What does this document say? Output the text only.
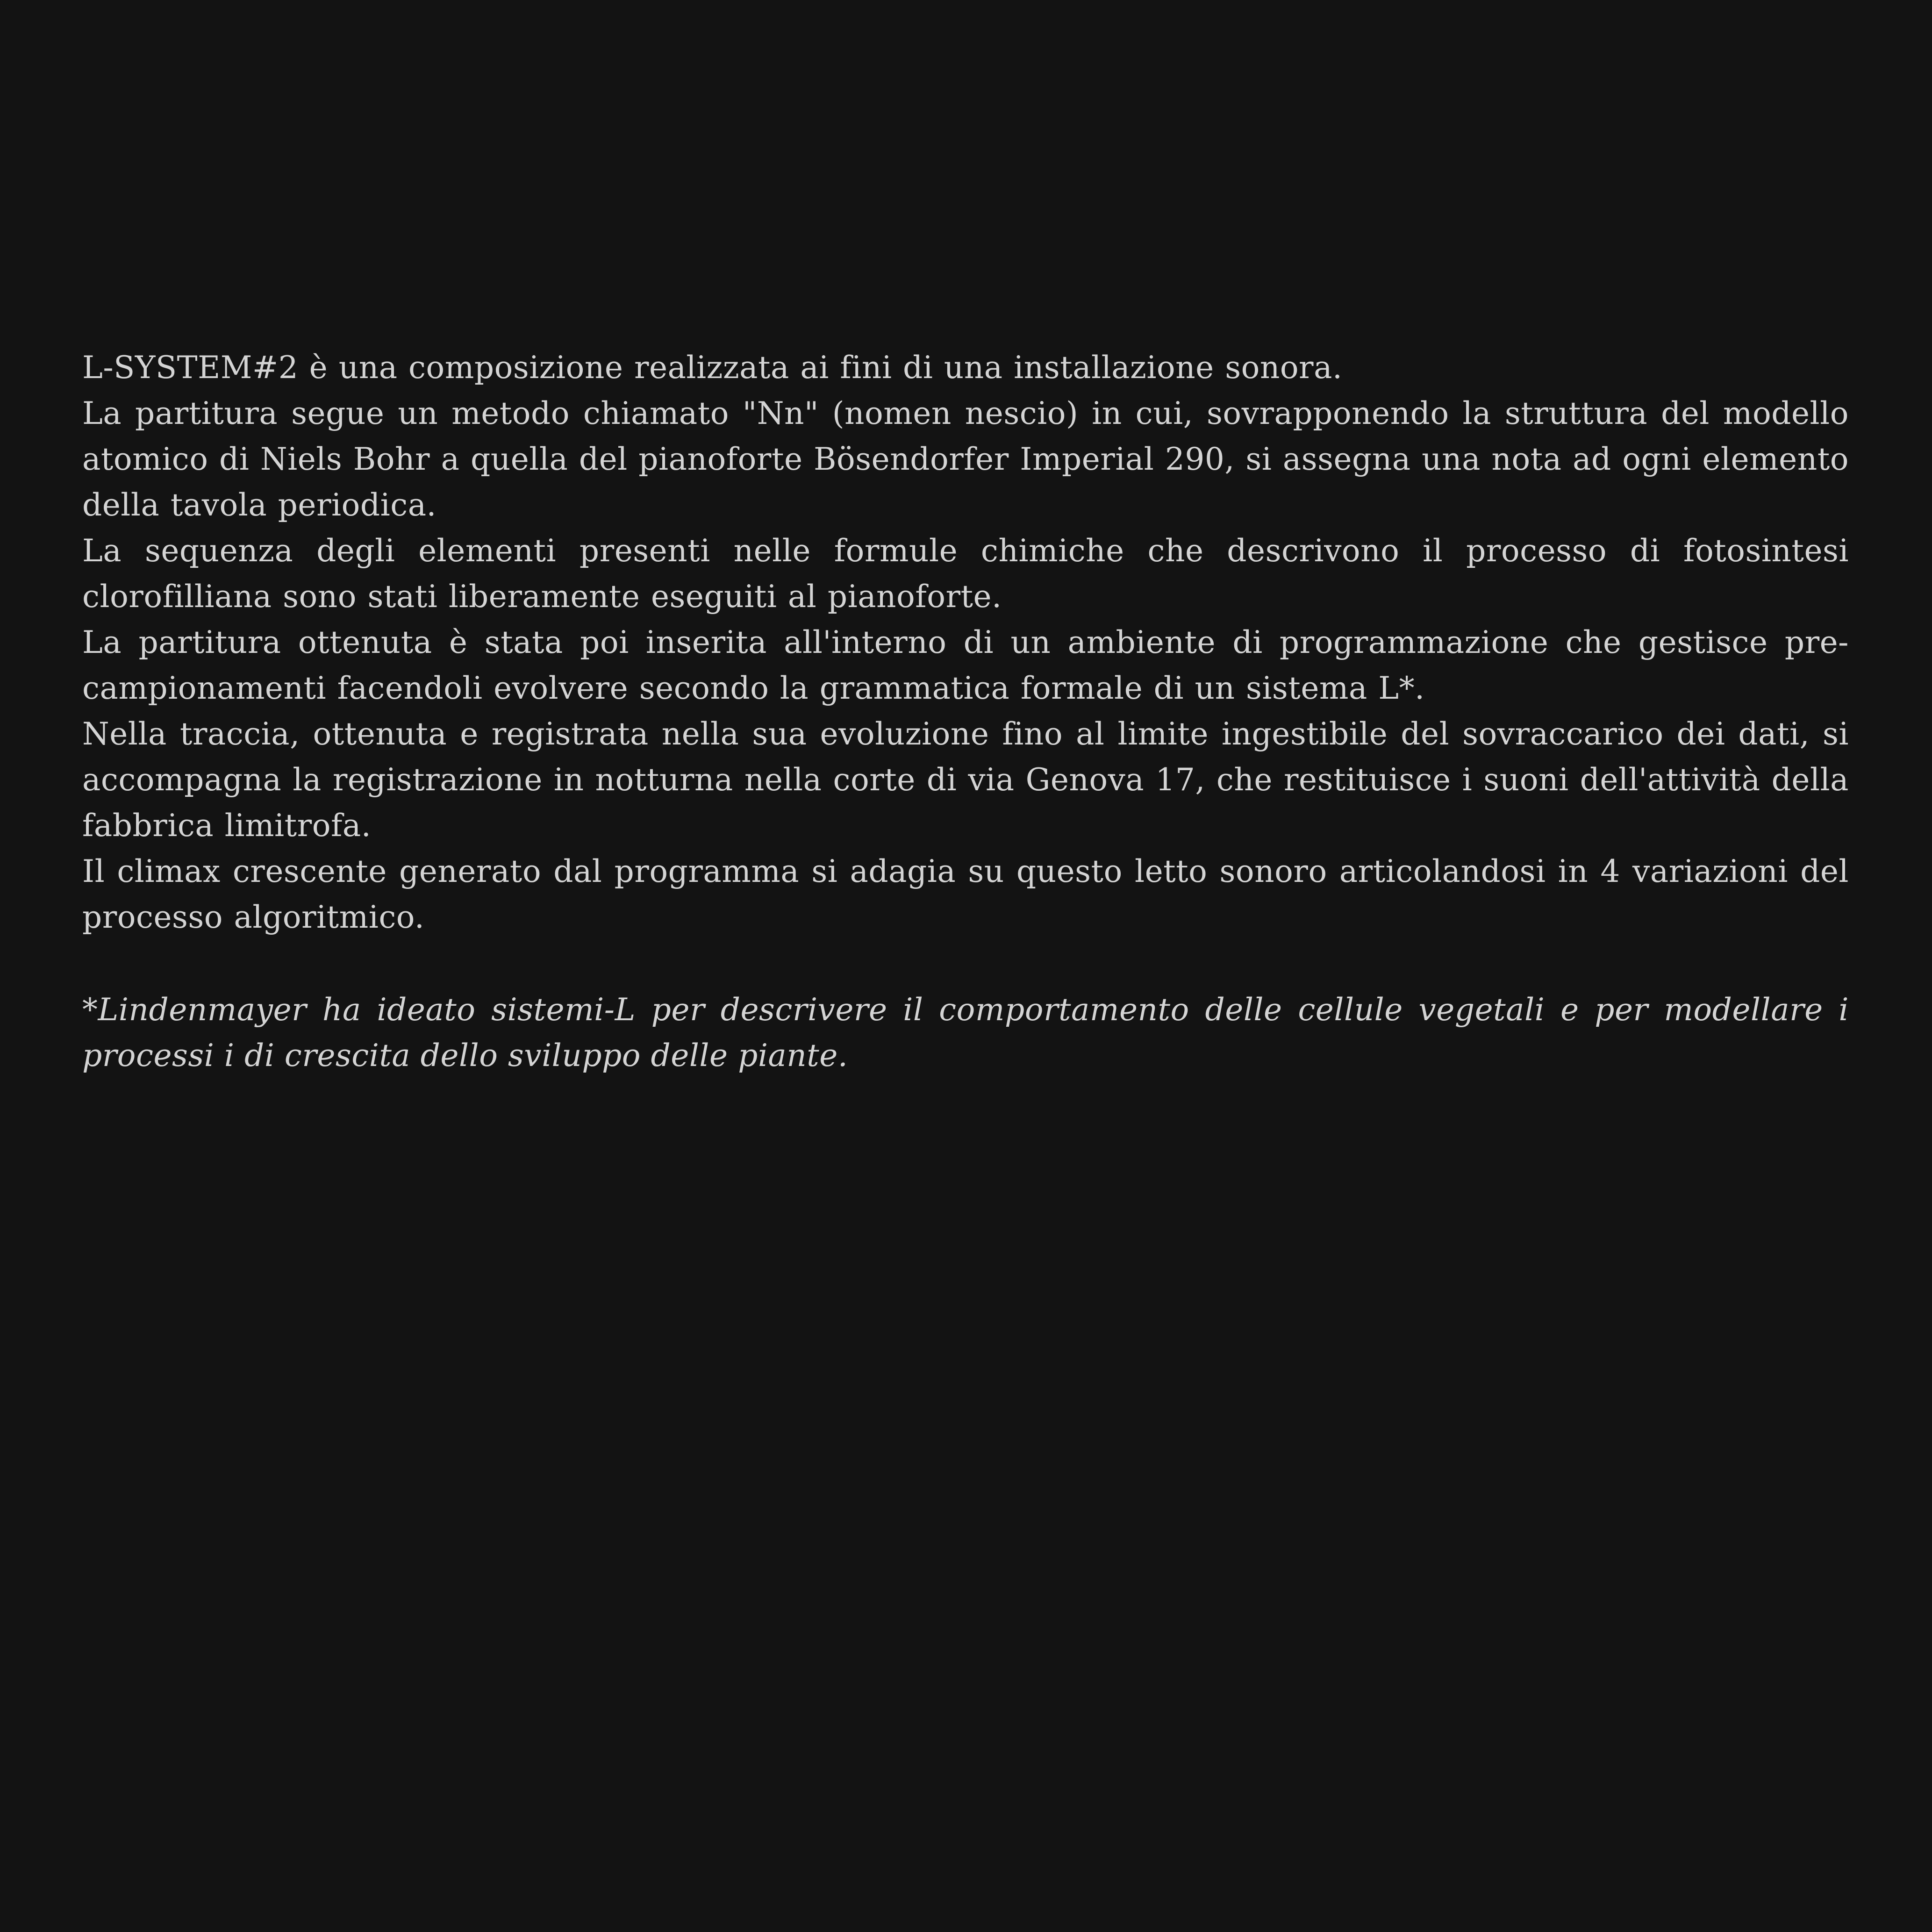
L-SYSTEM#2 è una composizione realizzata ai fini di una installazione sonora.

La partitura segue un metodo chiamato "Nn" (nomen nescio) in cui, sovrapponendo la struttura del modello atomico di Niels Bohr a quella del pianoforte Bösendorfer Imperial 290, si assegna una nota ad ogni elemento della tavola periodica.

La sequenza degli elementi presenti nelle formule chimiche che descrivono il processo di fotosintesi clorofilliana sono stati liberamente eseguiti al pianoforte.

La partitura ottenuta è stata poi inserita all'interno di un ambiente di programmazione che gestisce pre-campionamenti facendoli evolvere secondo la grammatica formale di un sistema L*.

Nella traccia, ottenuta e registrata nella sua evoluzione fino al limite ingestibile del sovraccarico dei dati, si accompagna la registrazione in notturna nella corte di via Genova 17, che restituisce i suoni dell'attività della fabbrica limitrofa.

Il climax crescente generato dal programma si adagia su questo letto sonoro articolandosi in 4 variazioni del processo algoritmico.

*Lindenmayer ha ideato sistemi-L per descrivere il comportamento delle cellule vegetali e per modellare i processi i di crescita dello sviluppo delle piante.
